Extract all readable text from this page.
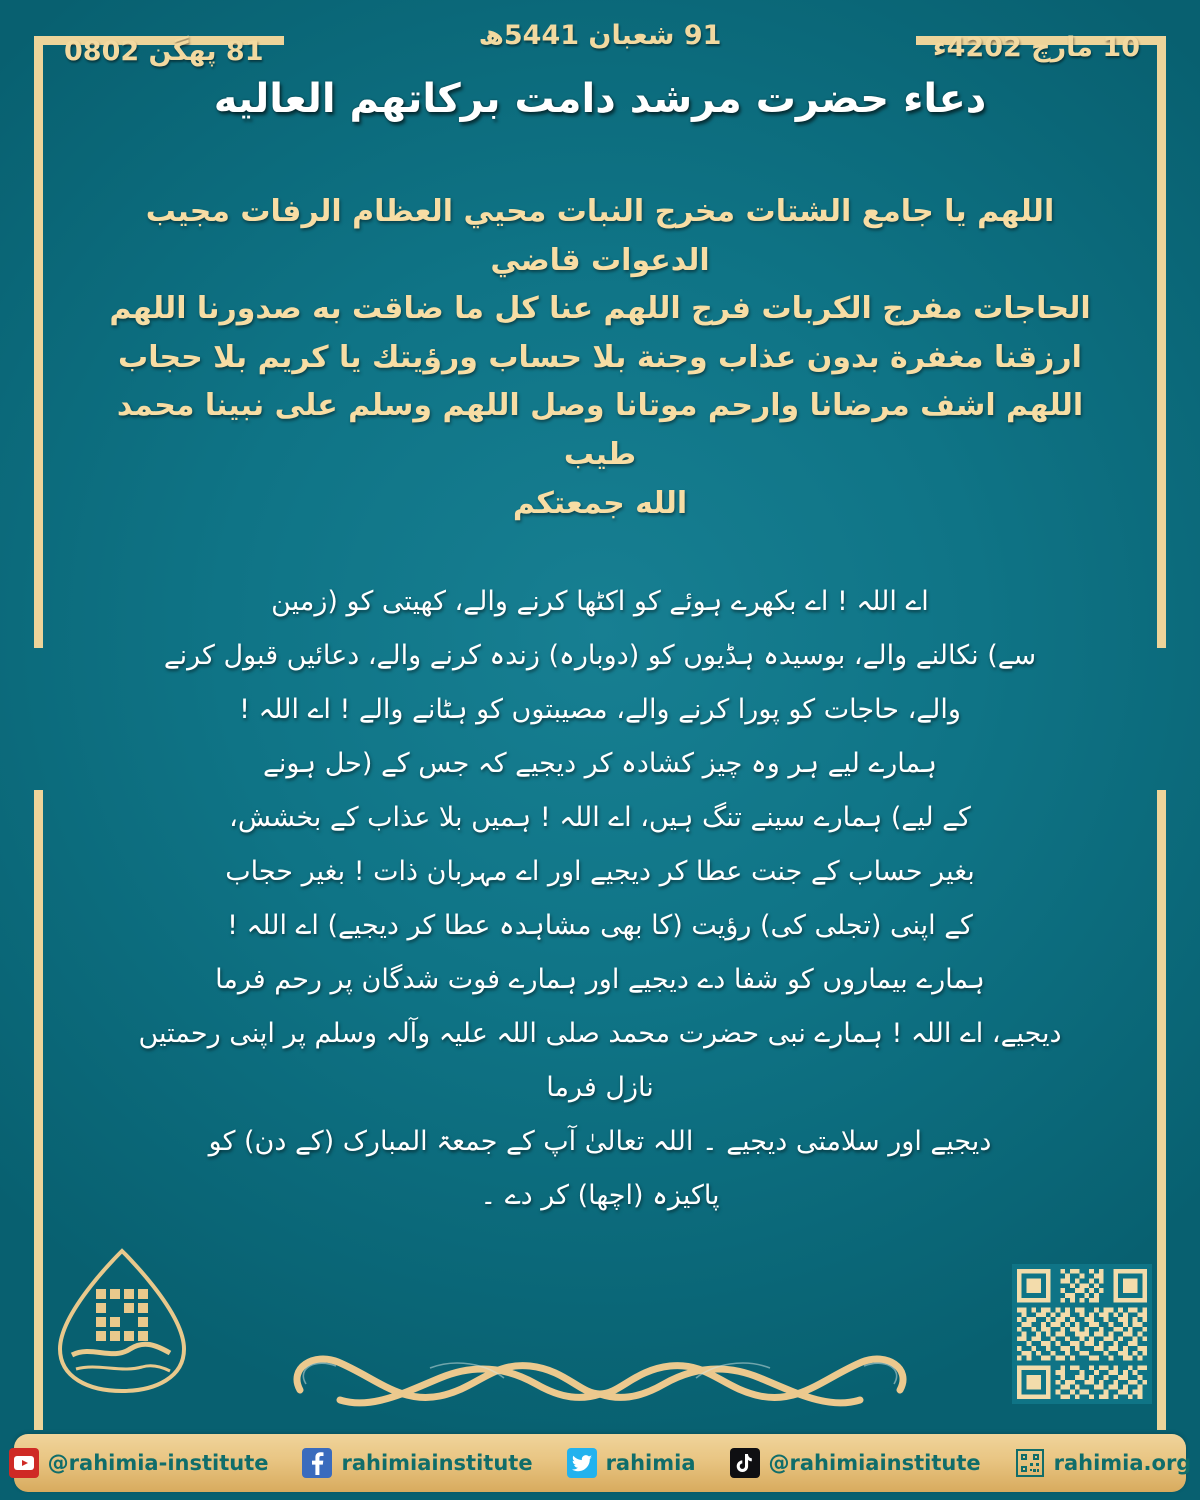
18 پھگن 2080
19 شعبان 1445ھ	01 مارچ 2024ء
دعاء حضرت مرشد دامت بركاتهم العالیه
اللهم یا جامع الشتات مخرج النبات محيي العظام الرفات مجيب الدعوات قاضي
الحاجات مفرج الكربات فرج اللهم عنا كل ما ضاقت به صدورنا اللهم
ارزقنا مغفرة بدون عذاب وجنة بلا حساب ورؤيتك یا كریم بلا حجاب
اللهم اشف مرضانا وارحم موتانا وصل اللهم وسلم على نبينا محمد طيب
الله جمعتكم
اے اللہ ! اے بکھرے ہوئے کو اکٹھا کرنے والے، کھیتی کو (زمین
سے) نکالنے والے، بوسیدہ ہڈیوں کو (دوبارہ) زندہ کرنے والے، دعائیں قبول کرنے
والے، حاجات کو پورا کرنے والے، مصیبتوں کو ہٹانے والے ! اے اللہ !
ہمارے لیے ہر وہ چیز کشادہ کر دیجیے کہ جس کے (حل ہونے
کے لیے) ہمارے سینے تنگ ہیں، اے اللہ ! ہمیں بلا عذاب کے بخشش،
بغیر حساب کے جنت عطا کر دیجیے اور اے مہربان ذات ! بغیر حجاب
کے اپنی (تجلی کی) رؤیت (کا بھی مشاہدہ عطا کر دیجیے) اے اللہ !
ہمارے بیماروں کو شفا دے دیجیے اور ہمارے فوت شدگان پر رحم فرما
دیجیے، اے اللہ ! ہمارے نبی حضرت محمد صلی اللہ علیہ وآلہ وسلم پر اپنی رحمتیں نازل فرما
دیجیے اور سلامتی دیجیے ۔ اللہ تعالیٰ آپ کے جمعۃ المبارک (کے دن) کو
پاکیزہ (اچھا) کر دے ۔
@rahimia-institute	rahimiainstitute	rahimia	@rahimiainstitute	rahimia.org
